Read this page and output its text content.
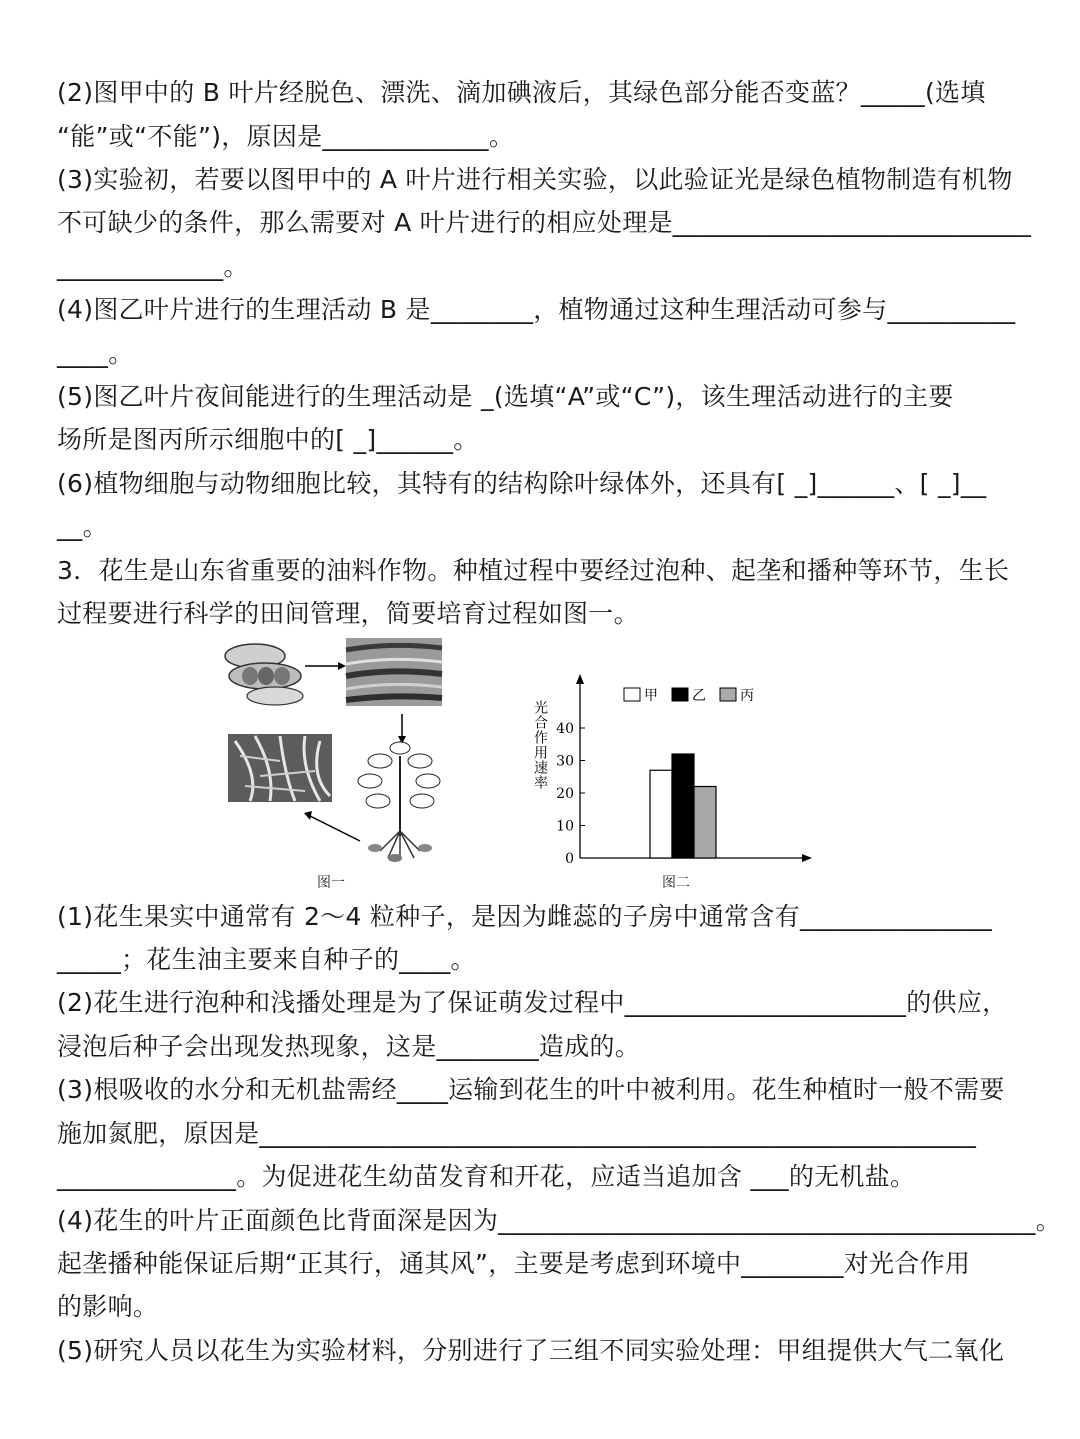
(2)图甲中的 B 叶片经脱色、漂洗、滴加碘液后，其绿色部分能否变蓝？_____(选填
“能”或“不能”)，原因是_____________。
(3)实验初，若要以图甲中的 A 叶片进行相关实验，以此验证光是绿色植物制造有机物
不可缺少的条件，那么需要对 A 叶片进行的相应处理是____________________________
_____________。
(4)图乙叶片进行的生理活动 B 是________，植物通过这种生理活动可参与__________
____。
(5)图乙叶片夜间能进行的生理活动是 _(选填“A”或“C”)，该生理活动进行的主要
场所是图丙所示细胞中的[ _]______。
(6)植物细胞与动物细胞比较，其特有的结构除叶绿体外，还具有[ _]______、[ _]__
__。
3．花生是山东省重要的油料作物。种植过程中要经过泡种、起垄和播种等环节，生长
过程要进行科学的田间管理，简要培育过程如图一。
图一
光合作用速率
0
10
20
30
40
甲 乙 丙
图二
(1)花生果实中通常有 2～4 粒种子，是因为雌蕊的子房中通常含有_______________
_____；花生油主要来自种子的____。
(2)花生进行泡种和浅播处理是为了保证萌发过程中______________________的供应，
浸泡后种子会出现发热现象，这是________造成的。
(3)根吸收的水分和无机盐需经____运输到花生的叶中被利用。花生种植时一般不需要
施加氮肥，原因是________________________________________________________
______________。为促进花生幼苗发育和开花，应适当追加含 ___的无机盐。
(4)花生的叶片正面颜色比背面深是因为__________________________________________。
起垄播种能保证后期“正其行，通其风”，主要是考虑到环境中________对光合作用
的影响。
(5)研究人员以花生为实验材料，分别进行了三组不同实验处理：甲组提供大气二氧化
